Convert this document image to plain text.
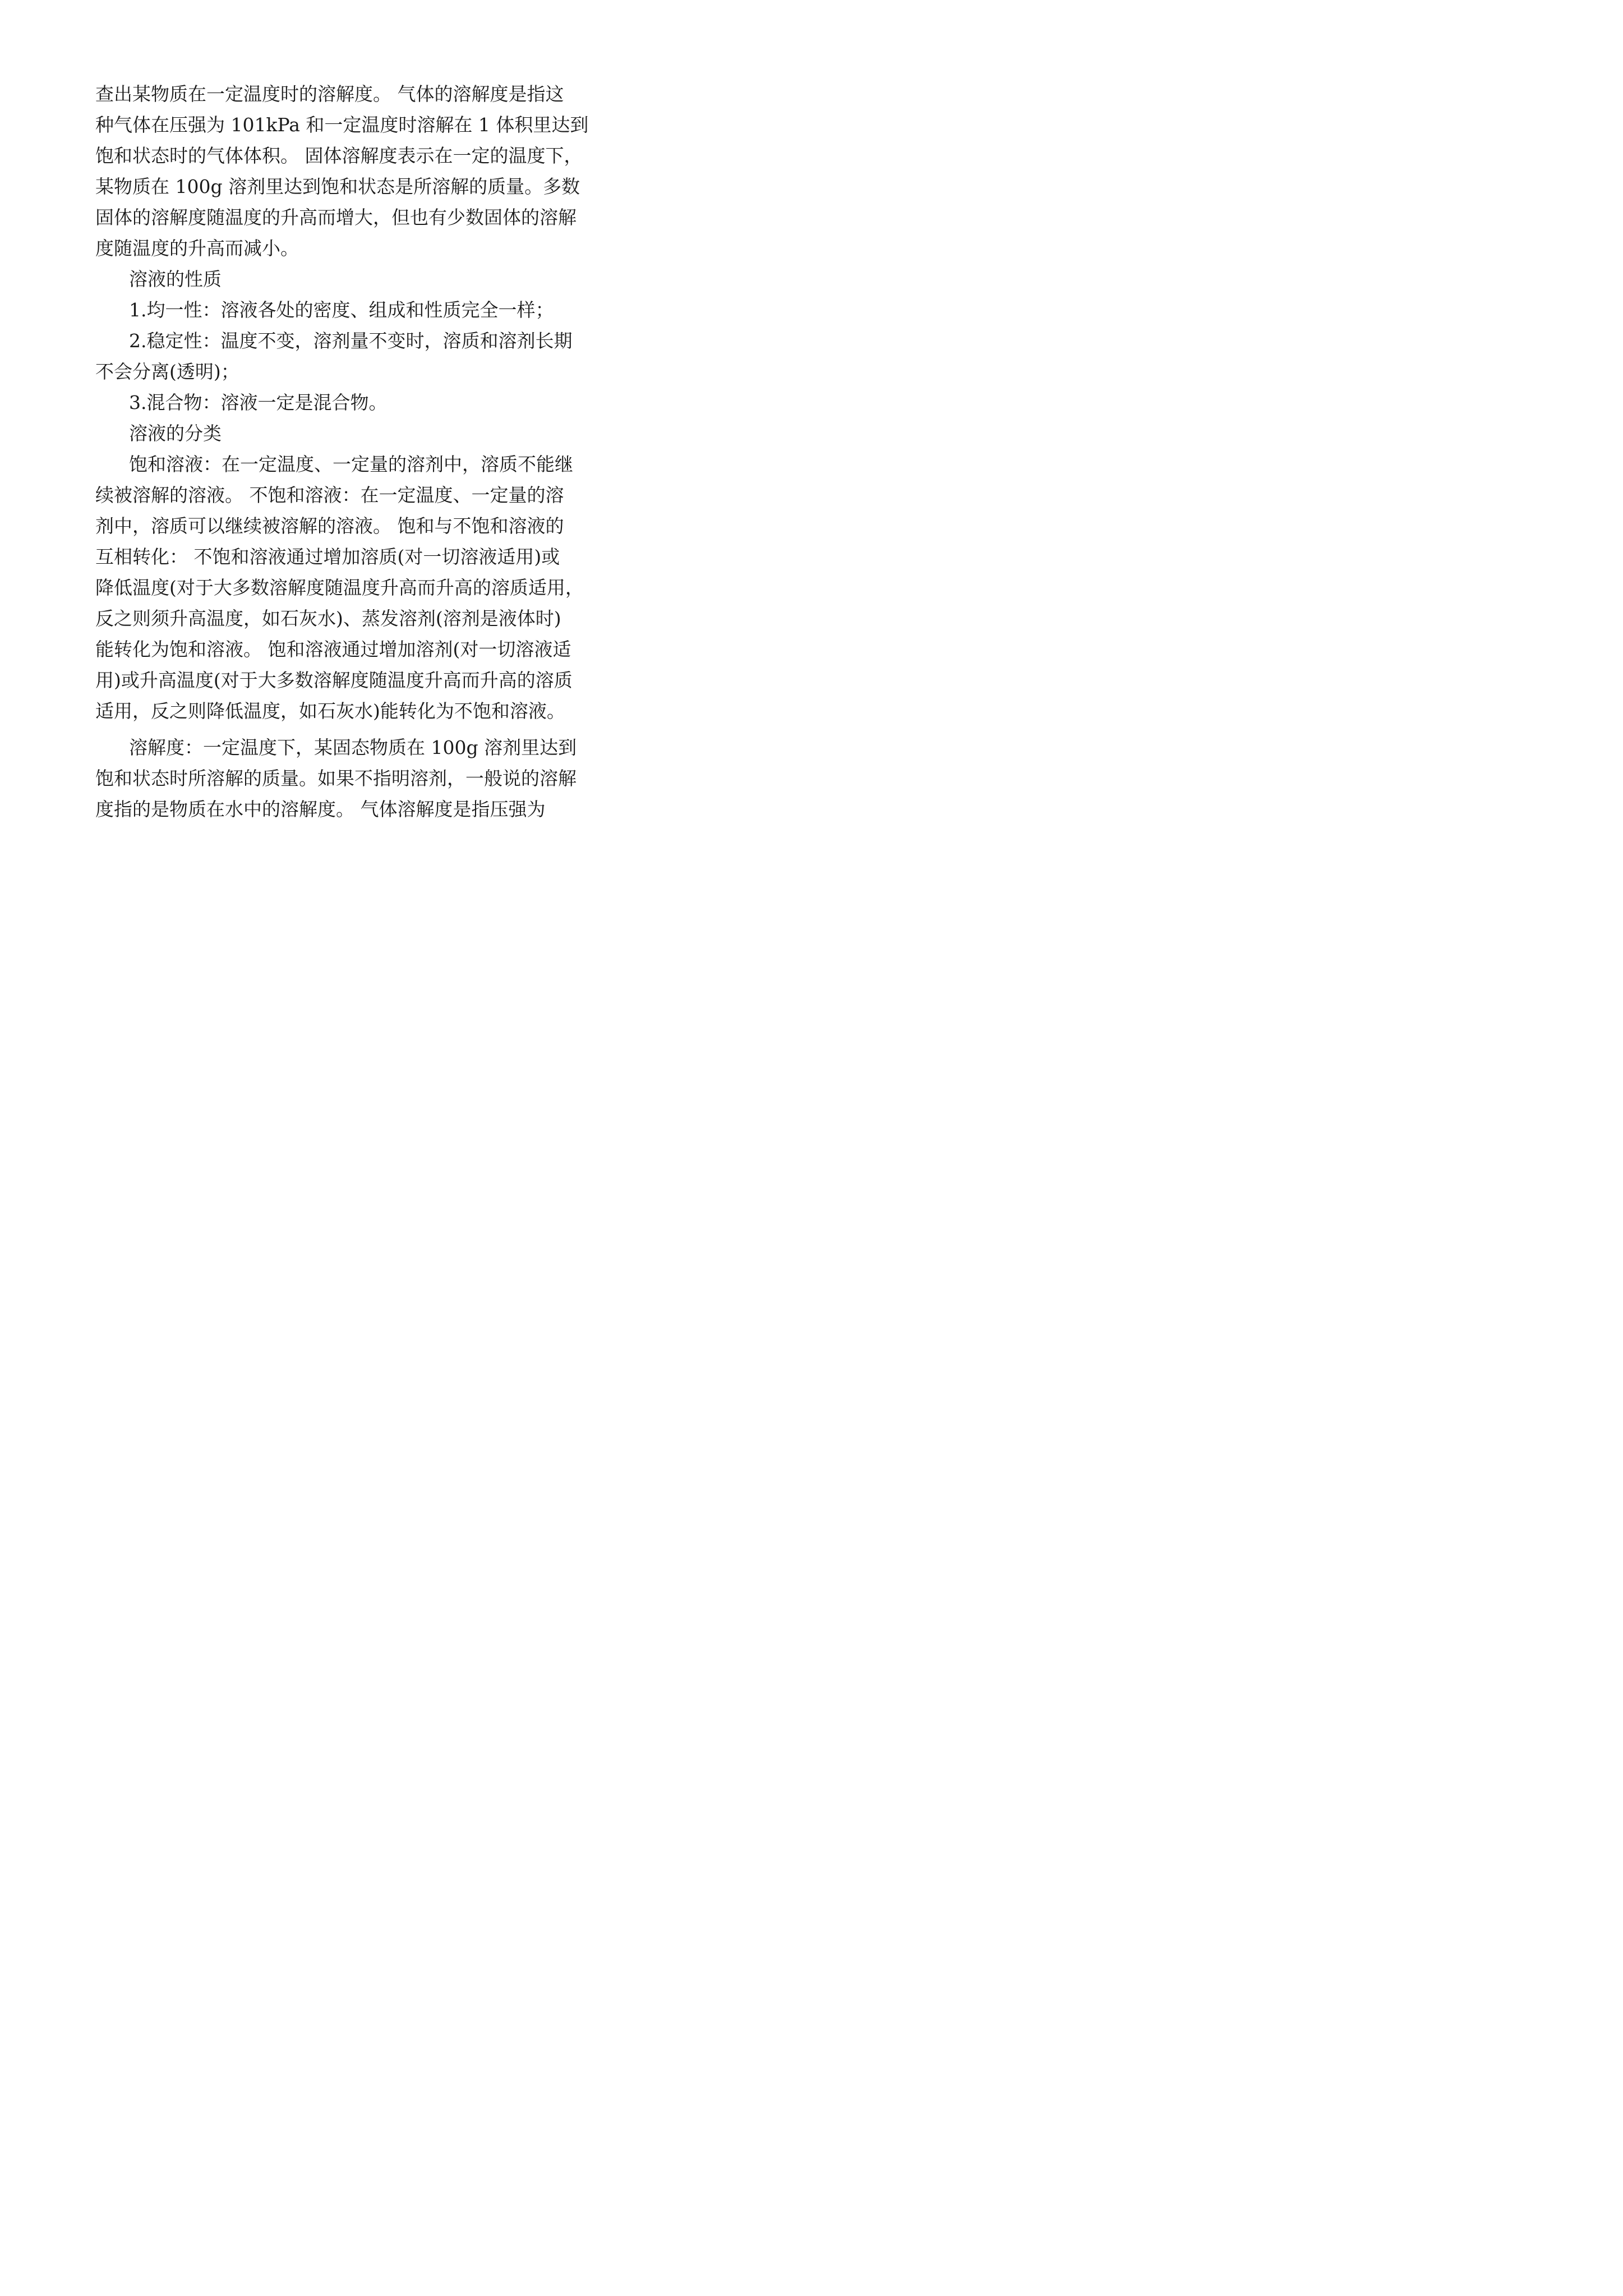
查出某物质在一定温度时的溶解度。 气体的溶解度是指这
种气体在压强为 101kPa 和一定温度时溶解在 1 体积里达到
饱和状态时的气体体积。 固体溶解度表示在一定的温度下，
某物质在 100g 溶剂里达到饱和状态是所溶解的质量。多数
固体的溶解度随温度的升高而增大，但也有少数固体的溶解
度随温度的升高而减小。
溶液的性质
1.均一性：溶液各处的密度、组成和性质完全一样；
2.稳定性：温度不变，溶剂量不变时，溶质和溶剂长期
不会分离(透明)；
3.混合物：溶液一定是混合物。
溶液的分类
饱和溶液：在一定温度、一定量的溶剂中，溶质不能继
续被溶解的溶液。 不饱和溶液：在一定温度、一定量的溶
剂中，溶质可以继续被溶解的溶液。 饱和与不饱和溶液的
互相转化： 不饱和溶液通过增加溶质(对一切溶液适用)或
降低温度(对于大多数溶解度随温度升高而升高的溶质适用，
反之则须升高温度，如石灰水)、蒸发溶剂(溶剂是液体时)
能转化为饱和溶液。 饱和溶液通过增加溶剂(对一切溶液适
用)或升高温度(对于大多数溶解度随温度升高而升高的溶质
适用，反之则降低温度，如石灰水)能转化为不饱和溶液。
溶解度：一定温度下，某固态物质在 100g 溶剂里达到
饱和状态时所溶解的质量。如果不指明溶剂，一般说的溶解
度指的是物质在水中的溶解度。 气体溶解度是指压强为
